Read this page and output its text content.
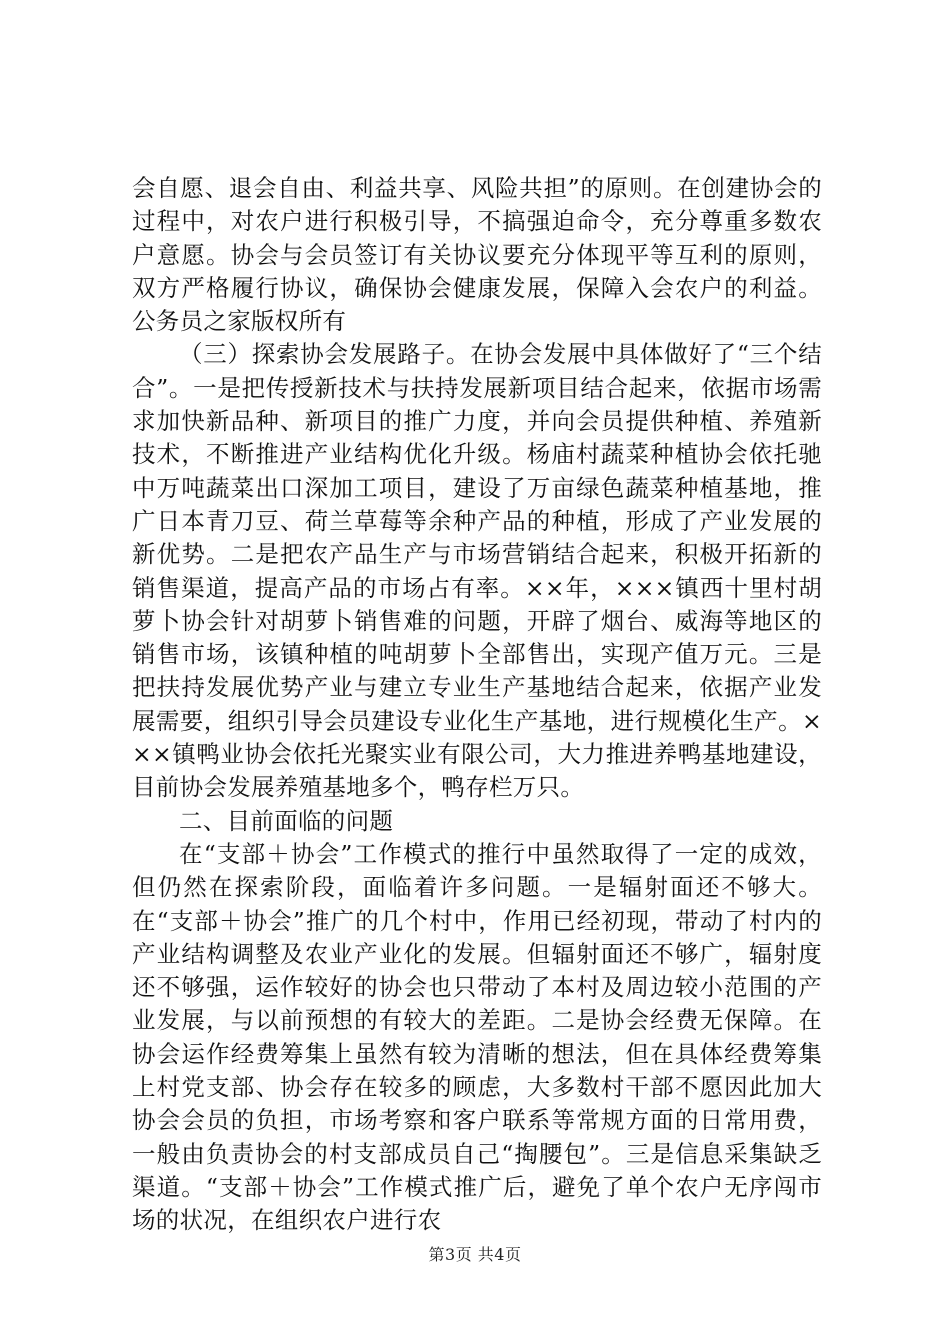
会自愿、退会自由、利益共享、风险共担”的原则。在创建协会的过程中，对农户进行积极引导，不搞强迫命令，充分尊重多数农户意愿。协会与会员签订有关协议要充分体现平等互利的原则，双方严格履行协议，确保协会健康发展，保障入会农户的利益。公务员之家版权所有

（三）探索协会发展路子。在协会发展中具体做好了“三个结合”。一是把传授新技术与扶持发展新项目结合起来，依据市场需求加快新品种、新项目的推广力度，并向会员提供种植、养殖新技术，不断推进产业结构优化升级。杨庙村蔬菜种植协会依托驰中万吨蔬菜出口深加工项目，建设了万亩绿色蔬菜种植基地，推广日本青刀豆、荷兰草莓等余种产品的种植，形成了产业发展的新优势。二是把农产品生产与市场营销结合起来，积极开拓新的销售渠道，提高产品的市场占有率。××年，×××镇西十里村胡萝卜协会针对胡萝卜销售难的问题，开辟了烟台、威海等地区的销售市场，该镇种植的吨胡萝卜全部售出，实现产值万元。三是把扶持发展优势产业与建立专业生产基地结合起来，依据产业发展需要，组织引导会员建设专业化生产基地，进行规模化生产。×××镇鸭业协会依托光聚实业有限公司，大力推进养鸭基地建设，目前协会发展养殖基地多个，鸭存栏万只。

二、目前面临的问题

在“支部＋协会”工作模式的推行中虽然取得了一定的成效，但仍然在探索阶段，面临着许多问题。一是辐射面还不够大。在“支部＋协会”推广的几个村中，作用已经初现，带动了村内的产业结构调整及农业产业化的发展。但辐射面还不够广，辐射度还不够强，运作较好的协会也只带动了本村及周边较小范围的产业发展，与以前预想的有较大的差距。二是协会经费无保障。在协会运作经费筹集上虽然有较为清晰的想法，但在具体经费筹集上村党支部、协会存在较多的顾虑，大多数村干部不愿因此加大协会会员的负担，市场考察和客户联系等常规方面的日常用费，一般由负责协会的村支部成员自己“掏腰包”。三是信息采集缺乏渠道。“支部＋协会”工作模式推广后，避免了单个农户无序闯市场的状况，在组织农户进行农

第3页 共4页
